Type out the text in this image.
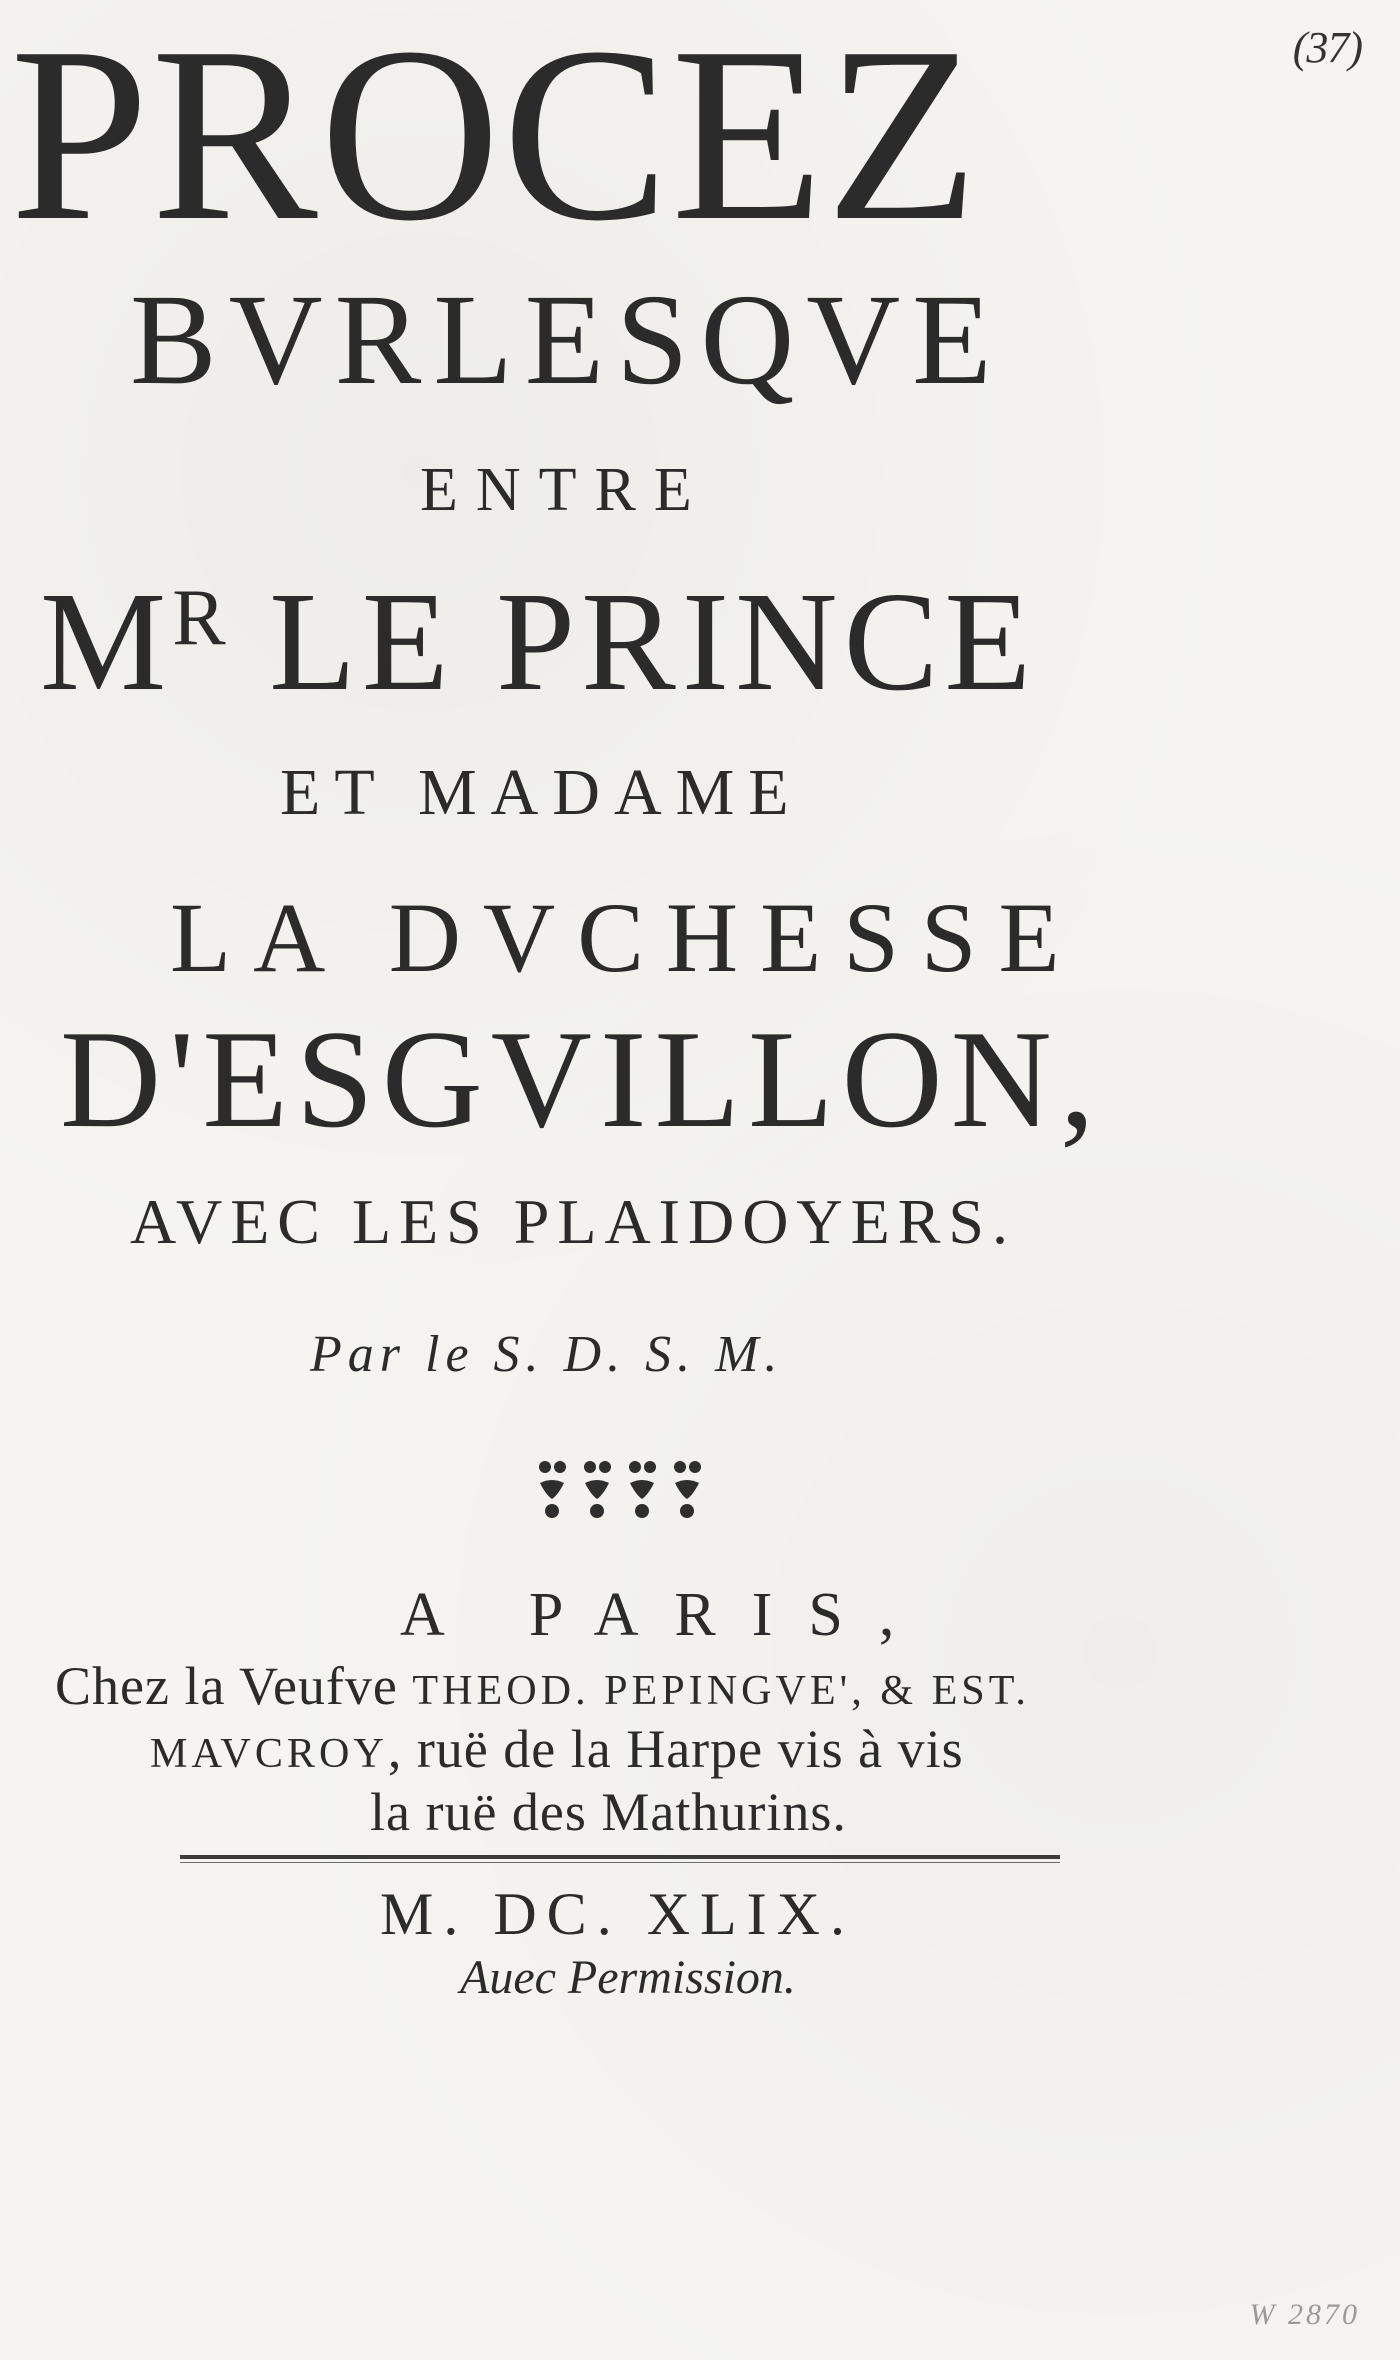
(37)
PROCEZ
BVRLESQVE
ENTRE
$M^R$ LE PRINCE
ET MADAME
LA DVCHESSE
D'ESGVILLON,
AVEC LES PLAIDOYERS.
Par le S. D. S. M.
A PARIS,
Chez la Veufve THEOD. PEPINGVE', & EST.
MAVCROY, ruë de la Harpe vis à vis
la ruë des Mathurins.
M. DC. XLIX.
Auec Permission.
W 2870
